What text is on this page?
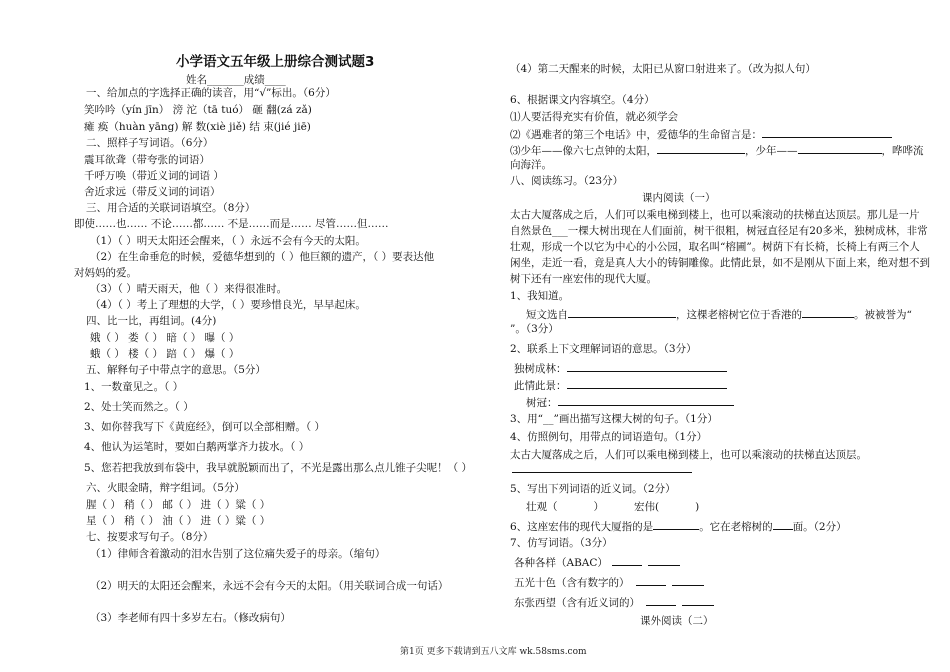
小学语文五年级上册综合测试题3
姓名_______成绩____
一、给加点的字选择正确的读音，用“√”标出。（6分）
笑吟吟（yín jīn） 滂 沱（tā tuó） 砸 翻(zá zǎ)
瘫 痪（huàn yāng) 解 数(xiè jiě) 结 束(jié jiē)
二、照样子写词语。（6分）
震耳欲聋（带夸张的词语）
千呼万唤（带近义词的词语 ）
舍近求远（带反义词的词语）
三、用合适的关联词语填空。（8分）
即使……也…… 不论……都…… 不是……而是…… 尽管……但……
（1）（ ）明天太阳还会醒来，（ ）永远不会有今天的太阳。
（2）在生命垂危的时候，爱德华想到的（ ）他巨额的遗产，（ ）要表达他
对妈妈的爱。
（3）（ ）晴天雨天，他（ ）来得很准时。
（4）（ ）考上了理想的大学，（ ）要珍惜良光，早早起床。
四、比一比，再组词。(4分)
娥（ ） 娄（ ） 暗（ ） 曝（ ）
蛾（ ） 楼（ ） 踣（ ） 爆（ ）
五、解释句子中带点字的意思。（5分）
1、一数童见之。（ ）
2、处士笑而然之。（ ）
3、如你替我写下《黄庭经》，倒可以全部相赠。（ ）
4、他认为运笔时，要如白鹅两掌齐力拔水。（ ）
5、您若把我放到布袋中，我早就脱颖而出了，不光是露出那么点儿锥子尖呢！（ ）
六、火眼金睛，辩字组词。（5分）
腥（ ） 稍（ ） 邮（ ） 进（ ）粱（ ）
星（ ） 稍（ ） 油（ ） 进（ ）粱（ ）
七、按要求写句子。（8分）
（1）律师含着激动的泪水告别了这位痛失爱子的母亲。（缩句）
（2）明天的太阳还会醒来，永远不会有今天的太阳。（用关联词合成一句话）
（3）李老师有四十多岁左右。（修改病句）
（4）第二天醒来的时候，太阳已从窗口射进来了。（改为拟人句）
6、根据课文内容填空。（4分）
⑴人要活得充实有价值，就必须学会
⑵《遇难者的第三个电话》中，爱德华的生命留言是：
⑶少年——像六七点钟的太阳，	，少年——	，哗哗流
向海洋。
八、阅读练习。（23分）
课内阅读（一）
太古大厦落成之后，人们可以乘电梯到楼上，也可以乘滚动的扶梯直达顶层。那儿是一片
自然景色___一棵大树出现在人们面前，树干很粗，树冠直径足有20多米，独树成林，非常
壮观，形成一个以它为中心的小公园，取名叫“榕圃”。树荫下有长椅，长椅上有两三个人
闲坐，走近一看，竟是真人大小的铸铜雕像。此情此景，如不是刚从下面上来，绝对想不到
树下还有一座宏伟的现代大厦。
1、我知道。
短文选自	，这棵老榕树它位于香港的	。被被誉为“
”。（3分）
2、联系上下文理解词语的意思。（3分）
独树成林：
此情此景：
树冠：
3、用“__”画出描写这棵大树的句子。（1分）
4、仿照例句，用带点的词语造句。（1分）
太古大厦落成之后，人们可以乘电梯到楼上，也可以乘滚动的扶梯直达顶层。
5、写出下列词语的近义词。（2分）
壮观（	）	宏伟(	)
6、这座宏伟的现代大厦指的是	。它在老榕树的 面。（2分）
7、仿写词语。（3分）
各种各样（ABAC）
五光十色（含有数字的）
东张西望（含有近义词的）
课外阅读（二）
第1页 更多下载请到五八文库 wk.58sms.com
